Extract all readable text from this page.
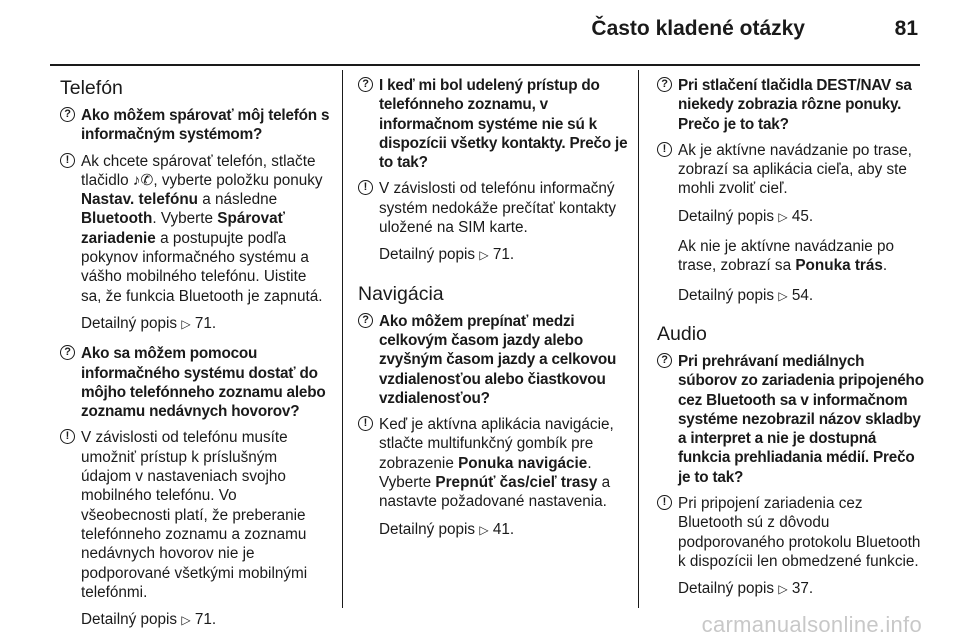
Často kladené otázky	81
Telefón
? Ako môžem spárovať môj telefón s informačným systémom?
! Ak chcete spárovať telefón, stlačte tlačidlo ♪✆, vyberte položku ponuky Nastav. telefónu a následne Bluetooth. Vyberte Spárovať zariadenie a postupujte podľa pokynov informačného systému a vášho mobilného telefónu. Uistite sa, že funkcia Bluetooth je zapnutá.
Detailný popis ▷ 71.
? Ako sa môžem pomocou informačného systému dostať do môjho telefónneho zoznamu alebo zoznamu nedávnych hovorov?
! V závislosti od telefónu musíte umožniť prístup k príslušným údajom v nastaveniach svojho mobilného telefónu. Vo všeobecnosti platí, že preberanie telefónneho zoznamu a zoznamu nedávnych hovorov nie je podporované všetkými mobilnými telefónmi.
Detailný popis ▷ 71.
? I keď mi bol udelený prístup do telefónneho zoznamu, v informačnom systéme nie sú k dispozícii všetky kontakty. Prečo je to tak?
! V závislosti od telefónu informačný systém nedokáže prečítať kontakty uložené na SIM karte.
Detailný popis ▷ 71.
Navigácia
? Ako môžem prepínať medzi celkovým časom jazdy alebo zvyšným časom jazdy a celkovou vzdialenosťou alebo čiastkovou vzdialenosťou?
! Keď je aktívna aplikácia navigácie, stlačte multifunkčný gombík pre zobrazenie Ponuka navigácie. Vyberte Prepnúť čas/cieľ trasy a nastavte požadované nastavenia.
Detailný popis ▷ 41.
? Pri stlačení tlačidla DEST/NAV sa niekedy zobrazia rôzne ponuky. Prečo je to tak?
! Ak je aktívne navádzanie po trase, zobrazí sa aplikácia cieľa, aby ste mohli zvoliť cieľ.
Detailný popis ▷ 45.
Ak nie je aktívne navádzanie po trase, zobrazí sa Ponuka trás.
Detailný popis ▷ 54.
Audio
? Pri prehrávaní mediálnych súborov zo zariadenia pripojeného cez Bluetooth sa v informačnom systéme nezobrazil názov skladby a interpret a nie je dostupná funkcia prehliadania médií. Prečo je to tak?
! Pri pripojení zariadenia cez Bluetooth sú z dôvodu podporovaného protokolu Bluetooth k dispozícii len obmedzené funkcie.
Detailný popis ▷ 37.
carmanualsonline.info
